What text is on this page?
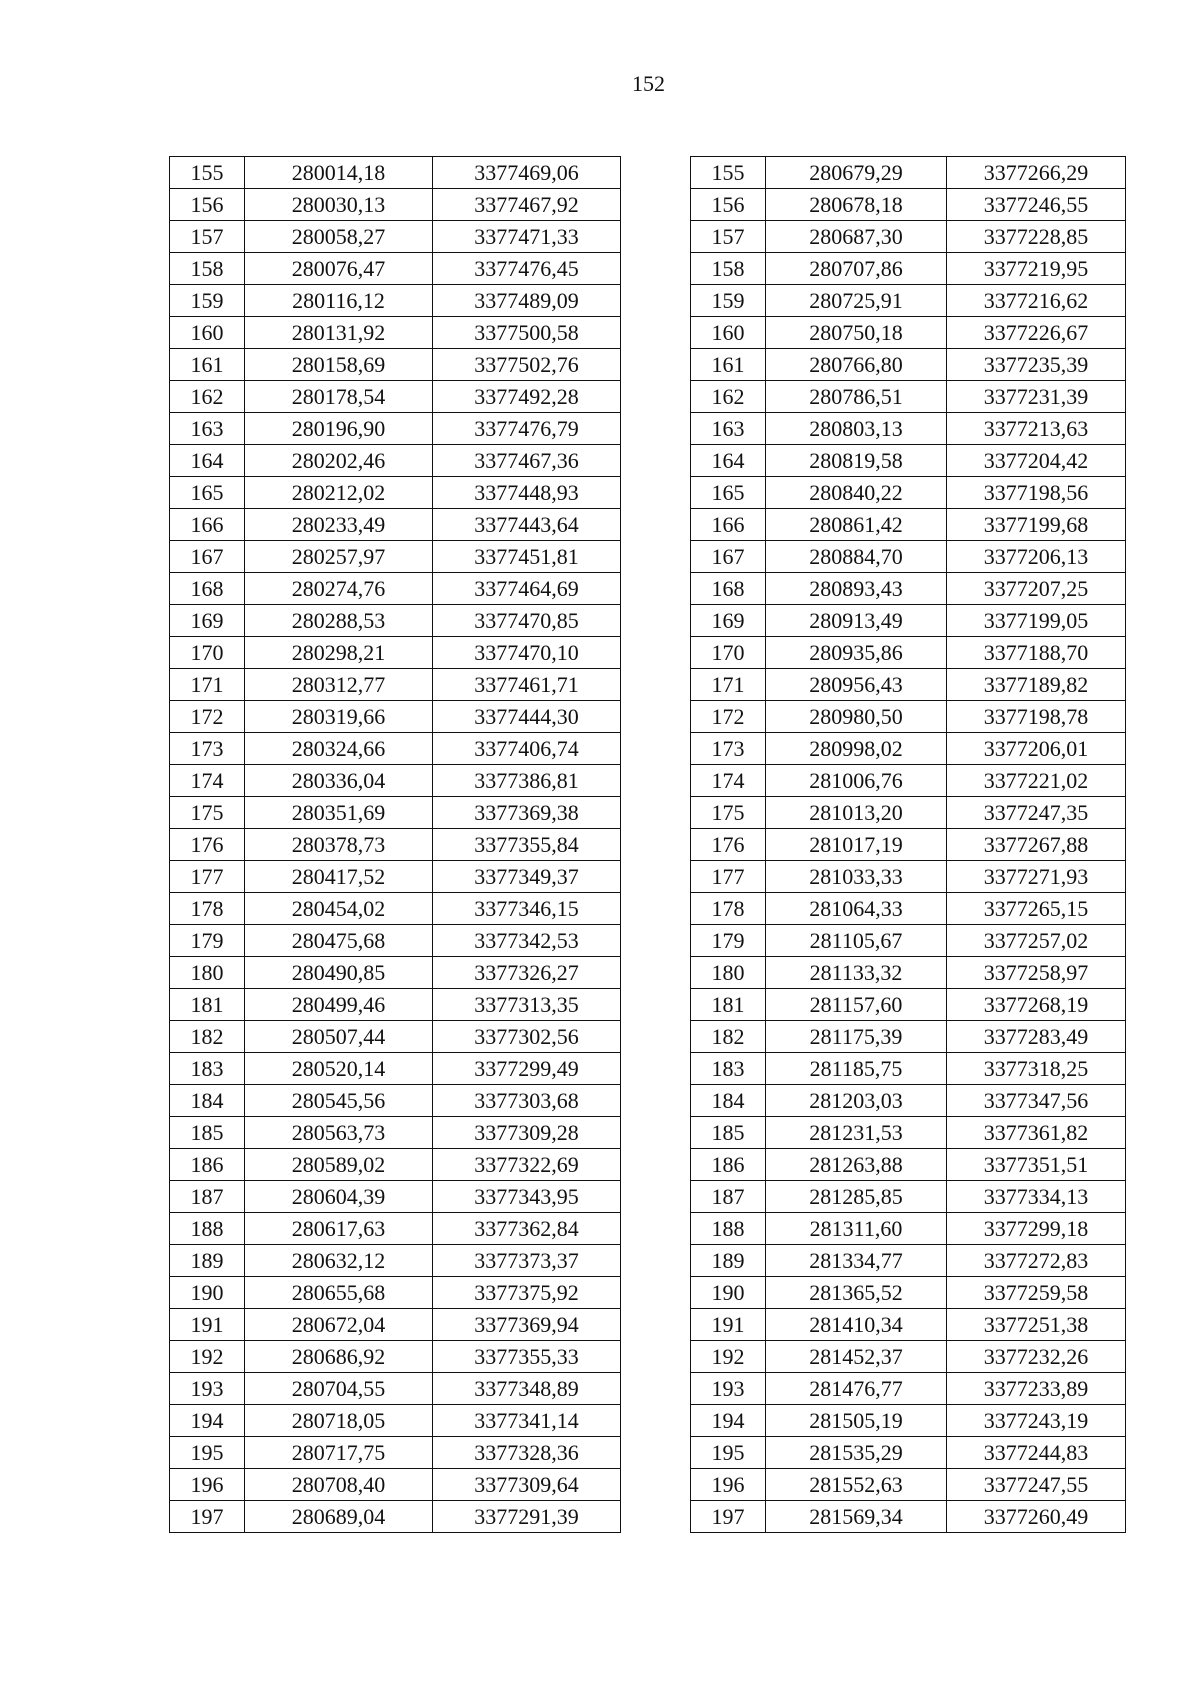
152
155	280014,18	3377469,06
156	280030,13	3377467,92
157	280058,27	3377471,33
158	280076,47	3377476,45
159	280116,12	3377489,09
160	280131,92	3377500,58
161	280158,69	3377502,76
162	280178,54	3377492,28
163	280196,90	3377476,79
164	280202,46	3377467,36
165	280212,02	3377448,93
166	280233,49	3377443,64
167	280257,97	3377451,81
168	280274,76	3377464,69
169	280288,53	3377470,85
170	280298,21	3377470,10
171	280312,77	3377461,71
172	280319,66	3377444,30
173	280324,66	3377406,74
174	280336,04	3377386,81
175	280351,69	3377369,38
176	280378,73	3377355,84
177	280417,52	3377349,37
178	280454,02	3377346,15
179	280475,68	3377342,53
180	280490,85	3377326,27
181	280499,46	3377313,35
182	280507,44	3377302,56
183	280520,14	3377299,49
184	280545,56	3377303,68
185	280563,73	3377309,28
186	280589,02	3377322,69
187	280604,39	3377343,95
188	280617,63	3377362,84
189	280632,12	3377373,37
190	280655,68	3377375,92
191	280672,04	3377369,94
192	280686,92	3377355,33
193	280704,55	3377348,89
194	280718,05	3377341,14
195	280717,75	3377328,36
196	280708,40	3377309,64
197	280689,04	3377291,39
155	280679,29	3377266,29
156	280678,18	3377246,55
157	280687,30	3377228,85
158	280707,86	3377219,95
159	280725,91	3377216,62
160	280750,18	3377226,67
161	280766,80	3377235,39
162	280786,51	3377231,39
163	280803,13	3377213,63
164	280819,58	3377204,42
165	280840,22	3377198,56
166	280861,42	3377199,68
167	280884,70	3377206,13
168	280893,43	3377207,25
169	280913,49	3377199,05
170	280935,86	3377188,70
171	280956,43	3377189,82
172	280980,50	3377198,78
173	280998,02	3377206,01
174	281006,76	3377221,02
175	281013,20	3377247,35
176	281017,19	3377267,88
177	281033,33	3377271,93
178	281064,33	3377265,15
179	281105,67	3377257,02
180	281133,32	3377258,97
181	281157,60	3377268,19
182	281175,39	3377283,49
183	281185,75	3377318,25
184	281203,03	3377347,56
185	281231,53	3377361,82
186	281263,88	3377351,51
187	281285,85	3377334,13
188	281311,60	3377299,18
189	281334,77	3377272,83
190	281365,52	3377259,58
191	281410,34	3377251,38
192	281452,37	3377232,26
193	281476,77	3377233,89
194	281505,19	3377243,19
195	281535,29	3377244,83
196	281552,63	3377247,55
197	281569,34	3377260,49
